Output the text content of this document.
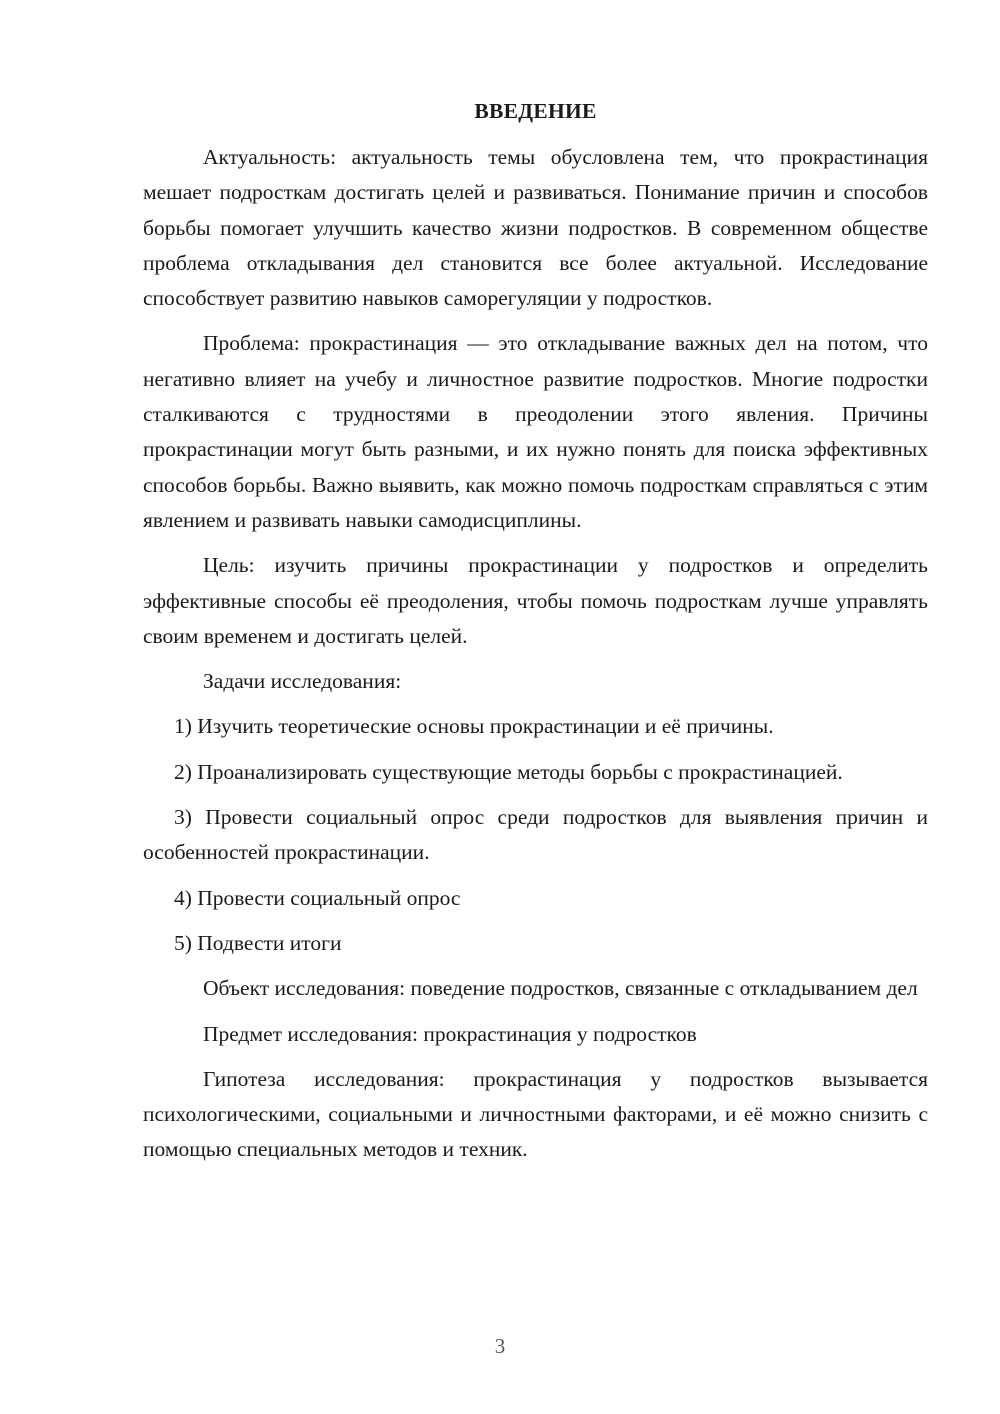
ВВЕДЕНИЕ

Актуальность: актуальность темы обусловлена тем, что прокрастинация мешает подросткам достигать целей и развиваться. Понимание причин и способов борьбы помогает улучшить качество жизни подростков. В современном обществе проблема откладывания дел становится все более актуальной. Исследование способствует развитию навыков саморегуляции у подростков.

Проблема: прокрастинация — это откладывание важных дел на потом, что негативно влияет на учебу и личностное развитие подростков. Многие подростки сталкиваются с трудностями в преодолении этого явления. Причины прокрастинации могут быть разными, и их нужно понять для поиска эффективных способов борьбы. Важно выявить, как можно помочь подросткам справляться с этим явлением и развивать навыки самодисциплины.

Цель: изучить причины прокрастинации у подростков и определить эффективные способы её преодоления, чтобы помочь подросткам лучше управлять своим временем и достигать целей.

Задачи исследования:

1) Изучить теоретические основы прокрастинации и её причины.

2) Проанализировать существующие методы борьбы с прокрастинацией.

3) Провести социальный опрос среди подростков для выявления причин и особенностей прокрастинации.

4) Провести социальный опрос

5) Подвести итоги

Объект исследования: поведение подростков, связанные с откладыванием дел

Предмет исследования: прокрастинация у подростков

Гипотеза исследования: прокрастинация у подростков вызывается психологическими, социальными и личностными факторами, и её можно снизить с помощью специальных методов и техник.

3
